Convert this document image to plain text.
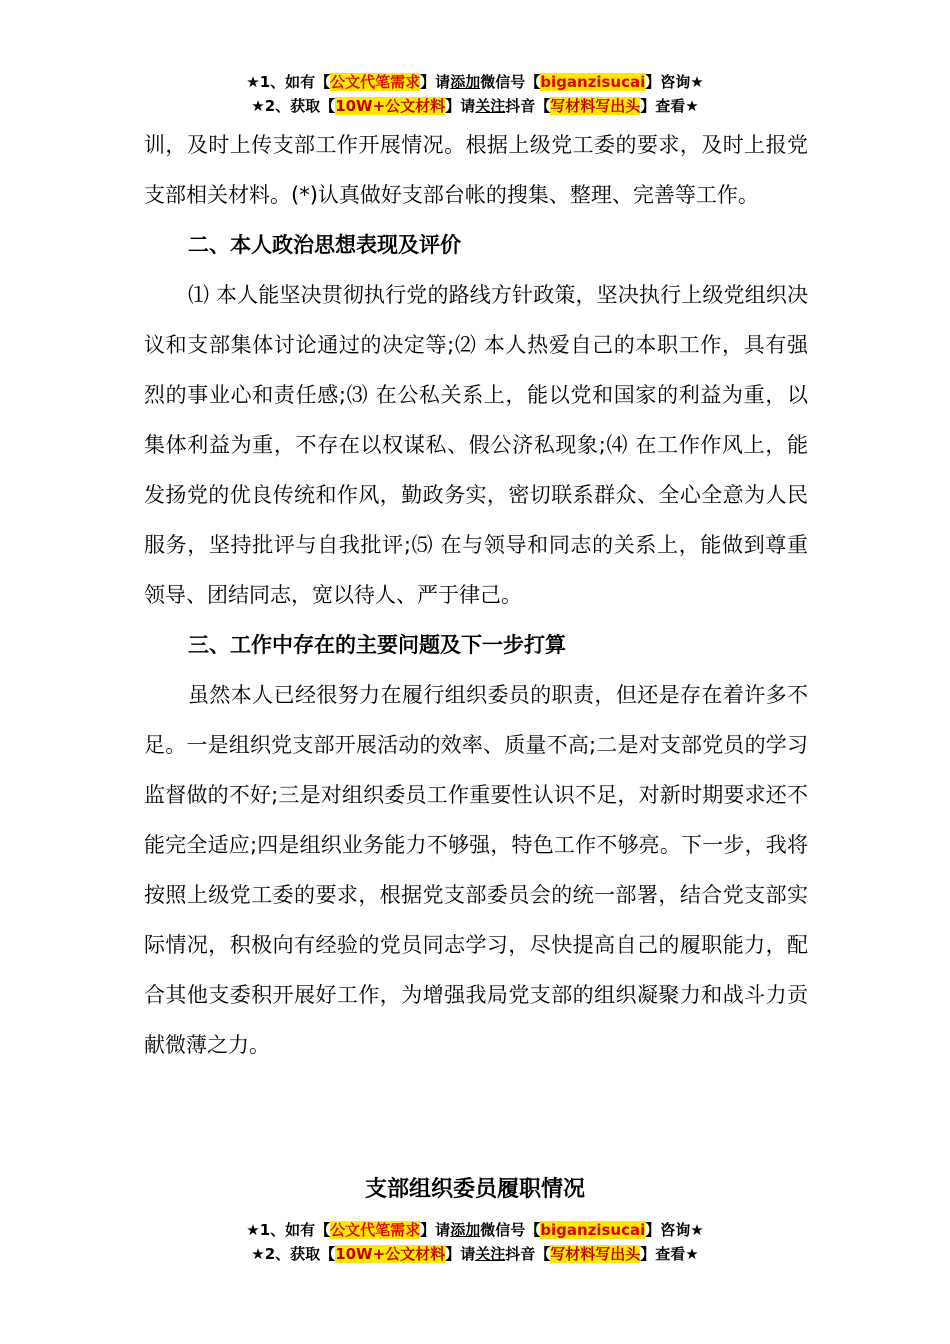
★1、如有【公文代笔需求】请添加微信号【biganzisucai】咨询★
★2、获取【10W+公文材料】请关注抖音【写材料写出头】查看★

训，及时上传支部工作开展情况。根据上级党工委的要求，及时上报党支部相关材料。(*)认真做好支部台帐的搜集、整理、完善等工作。

二、本人政治思想表现及评价

⑴ 本人能坚决贯彻执行党的路线方针政策，坚决执行上级党组织决议和支部集体讨论通过的决定等;⑵ 本人热爱自己的本职工作，具有强烈的事业心和责任感;⑶ 在公私关系上，能以党和国家的利益为重，以集体利益为重，不存在以权谋私、假公济私现象;⑷ 在工作作风上，能发扬党的优良传统和作风，勤政务实，密切联系群众、全心全意为人民服务，坚持批评与自我批评;⑸ 在与领导和同志的关系上，能做到尊重领导、团结同志，宽以待人、严于律己。

三、工作中存在的主要问题及下一步打算

虽然本人已经很努力在履行组织委员的职责，但还是存在着许多不足。一是组织党支部开展活动的效率、质量不高;二是对支部党员的学习监督做的不好;三是对组织委员工作重要性认识不足，对新时期要求还不能完全适应;四是组织业务能力不够强，特色工作不够亮。下一步，我将按照上级党工委的要求，根据党支部委员会的统一部署，结合党支部实际情况，积极向有经验的党员同志学习，尽快提高自己的履职能力，配合其他支委积开展好工作，为增强我局党支部的组织凝聚力和战斗力贡献微薄之力。

支部组织委员履职情况
★1、如有【公文代笔需求】请添加微信号【biganzisucai】咨询★
★2、获取【10W+公文材料】请关注抖音【写材料写出头】查看★
